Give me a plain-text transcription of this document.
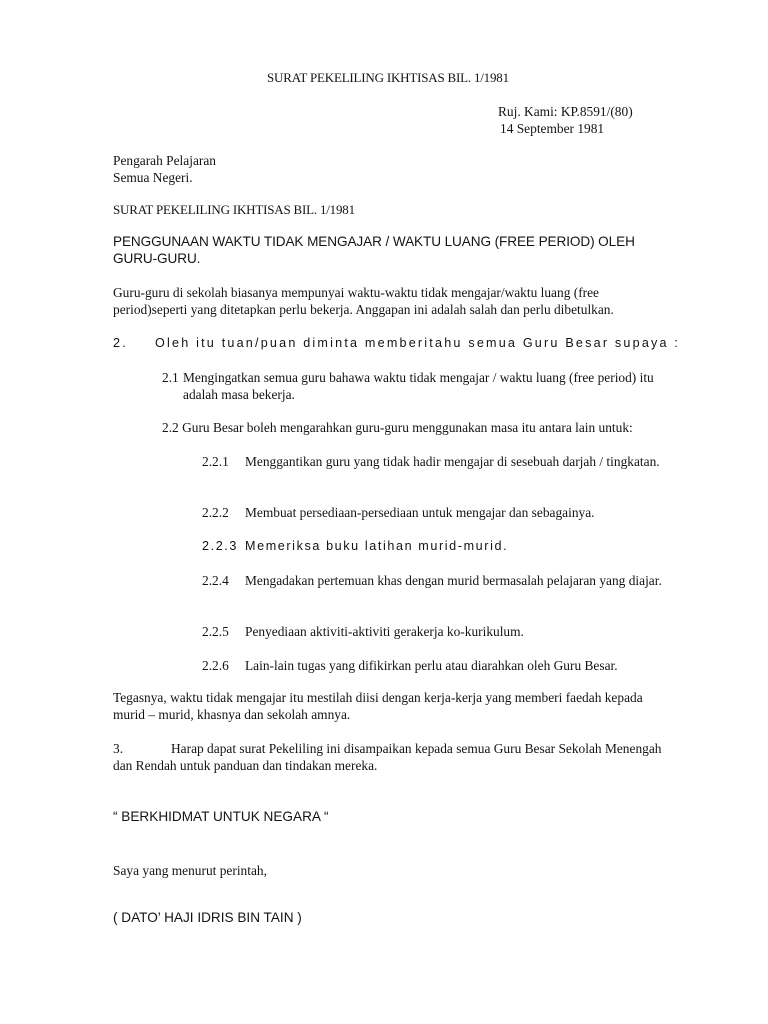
SURAT PEKELILING IKHTISAS BIL. 1/1981

Ruj. Kami: KP.8591/(80)

14 September 1981

Pengarah Pelajaran

Semua Negeri.

SURAT PEKELILING IKHTISAS BIL. 1/1981

PENGGUNAAN WAKTU TIDAK MENGAJAR / WAKTU LUANG (FREE PERIOD) OLEH GURU-GURU.

Guru-guru di sekolah biasanya mempunyai waktu-waktu tidak mengajar/waktu luang (free period)seperti yang ditetapkan perlu bekerja. Anggapan ini adalah salah dan perlu dibetulkan.

2. Oleh itu tuan/puan diminta memberitahu semua Guru Besar supaya :

2.1 Mengingatkan semua guru bahawa waktu tidak mengajar / waktu luang (free period) itu adalah masa bekerja.

2.2 Guru Besar boleh mengarahkan guru-guru menggunakan masa itu antara lain untuk:

2.2.1 Menggantikan guru yang tidak hadir mengajar di sesebuah darjah / tingkatan.
2.2.2 Membuat persediaan-persediaan untuk mengajar dan sebagainya.
2.2.3 Memeriksa buku latihan murid-murid.
2.2.4 Mengadakan pertemuan khas dengan murid bermasalah pelajaran yang diajar.
2.2.5 Penyediaan aktiviti-aktiviti gerakerja ko-kurikulum.
2.2.6 Lain-lain tugas yang difikirkan perlu atau diarahkan oleh Guru Besar.

Tegasnya, waktu tidak mengajar itu mestilah diisi dengan kerja-kerja yang memberi faedah kepada murid – murid, khasnya dan sekolah amnya.

3.	Harap dapat surat Pekeliling ini disampaikan kepada semua Guru Besar Sekolah Menengah dan Rendah untuk panduan dan tindakan mereka.

“ BERKHIDMAT UNTUK NEGARA “

Saya yang menurut perintah,

( DATO’ HAJI IDRIS BIN TAIN )
